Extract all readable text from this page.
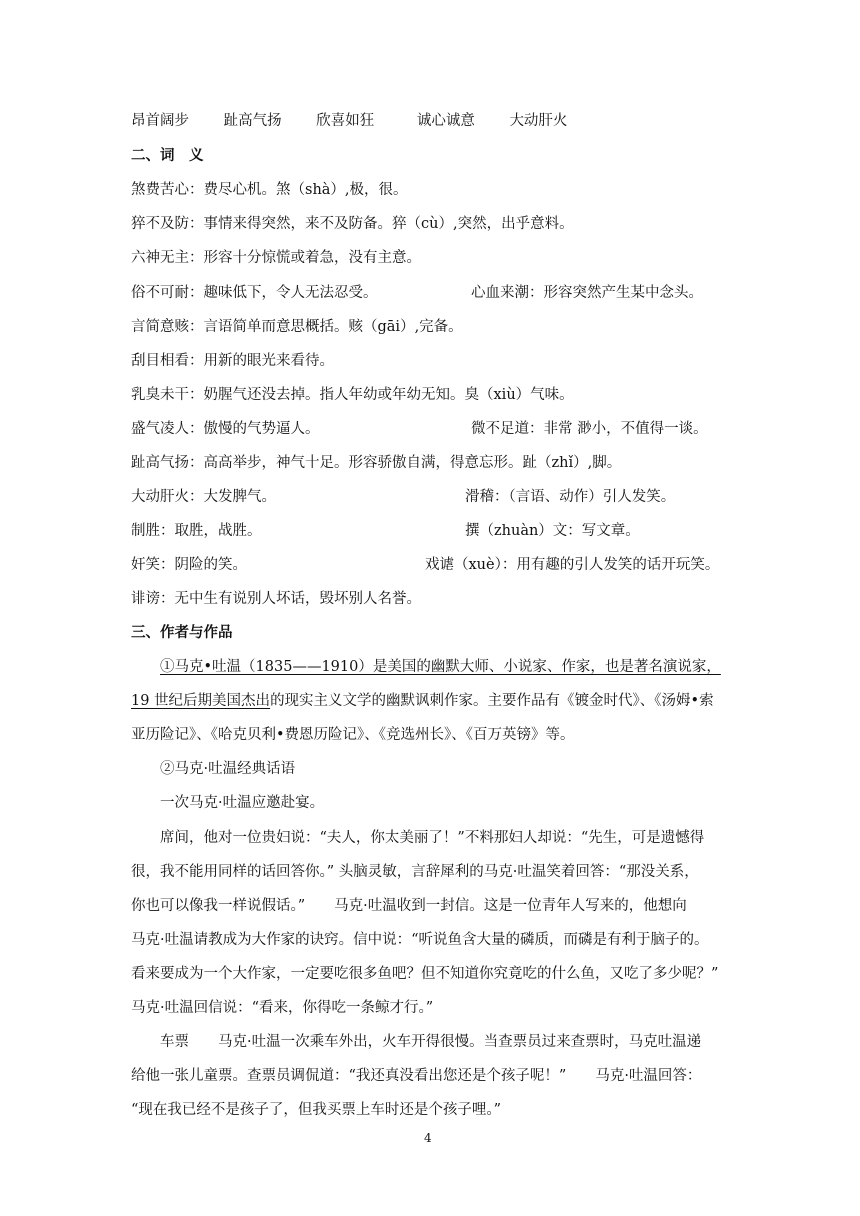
昂首阔步 趾高气扬 欣喜如狂	诚心诚意 大动肝火
二、词　义
煞费苦心：费尽心机。煞（shà）,极，很。
猝不及防：事情来得突然，来不及防备。猝（cù）,突然，出乎意料。
六神无主：形容十分惊慌或着急，没有主意。
俗不可耐：趣味低下，令人无法忍受。	心血来潮：形容突然产生某中念头。
言简意赅：言语简单而意思概括。赅（gāi）,完备。
刮目相看：用新的眼光来看待。
乳臭未干：奶腥气还没去掉。指人年幼或年幼无知。臭（xiù）气味。
盛气凌人：傲慢的气势逼人。	微不足道：非常 渺小，不值得一谈。
趾高气扬：高高举步，神气十足。形容骄傲自满，得意忘形。趾（zhǐ）,脚。
大动肝火：大发脾气。	滑稽：（言语、动作）引人发笑。
制胜：取胜，战胜。	撰（zhuàn）文：写文章。
奸笑：阴险的笑。	戏谑（xuè）：用有趣的引人发笑的话开玩笑。
诽谤：无中生有说别人坏话，毁坏别人名誉。
三、作者与作品
①马克•吐温（1835——1910）是美国的幽默大师、小说家、作家，也是著名演说家，
19 世纪后期美国杰出的现实主义文学的幽默讽刺作家。主要作品有《镀金时代》、《汤姆•索
亚历险记》、《哈克贝利•费恩历险记》、《竞选州长》、《百万英镑》等。
②马克·吐温经典话语
一次马克·吐温应邀赴宴。
席间，他对一位贵妇说：“夫人，你太美丽了！”不料那妇人却说：“先生，可是遗憾得
很，我不能用同样的话回答你。” 头脑灵敏，言辞犀利的马克·吐温笑着回答：“那没关系，
你也可以像我一样说假话。”　　马克·吐温收到一封信。这是一位青年人写来的，他想向
马克·吐温请教成为大作家的诀窍。信中说：“听说鱼含大量的磷质，而磷是有利于脑子的。
看来要成为一个大作家，一定要吃很多鱼吧？但不知道你究竟吃的什么鱼，又吃了多少呢？”
马克·吐温回信说：“看来，你得吃一条鲸才行。”
车票　　马克·吐温一次乘车外出，火车开得很慢。当查票员过来查票时，马克吐温递
给他一张儿童票。查票员调侃道：“我还真没看出您还是个孩子呢！”　　马克·吐温回答：
“现在我已经不是孩子了，但我买票上车时还是个孩子哩。”
4
